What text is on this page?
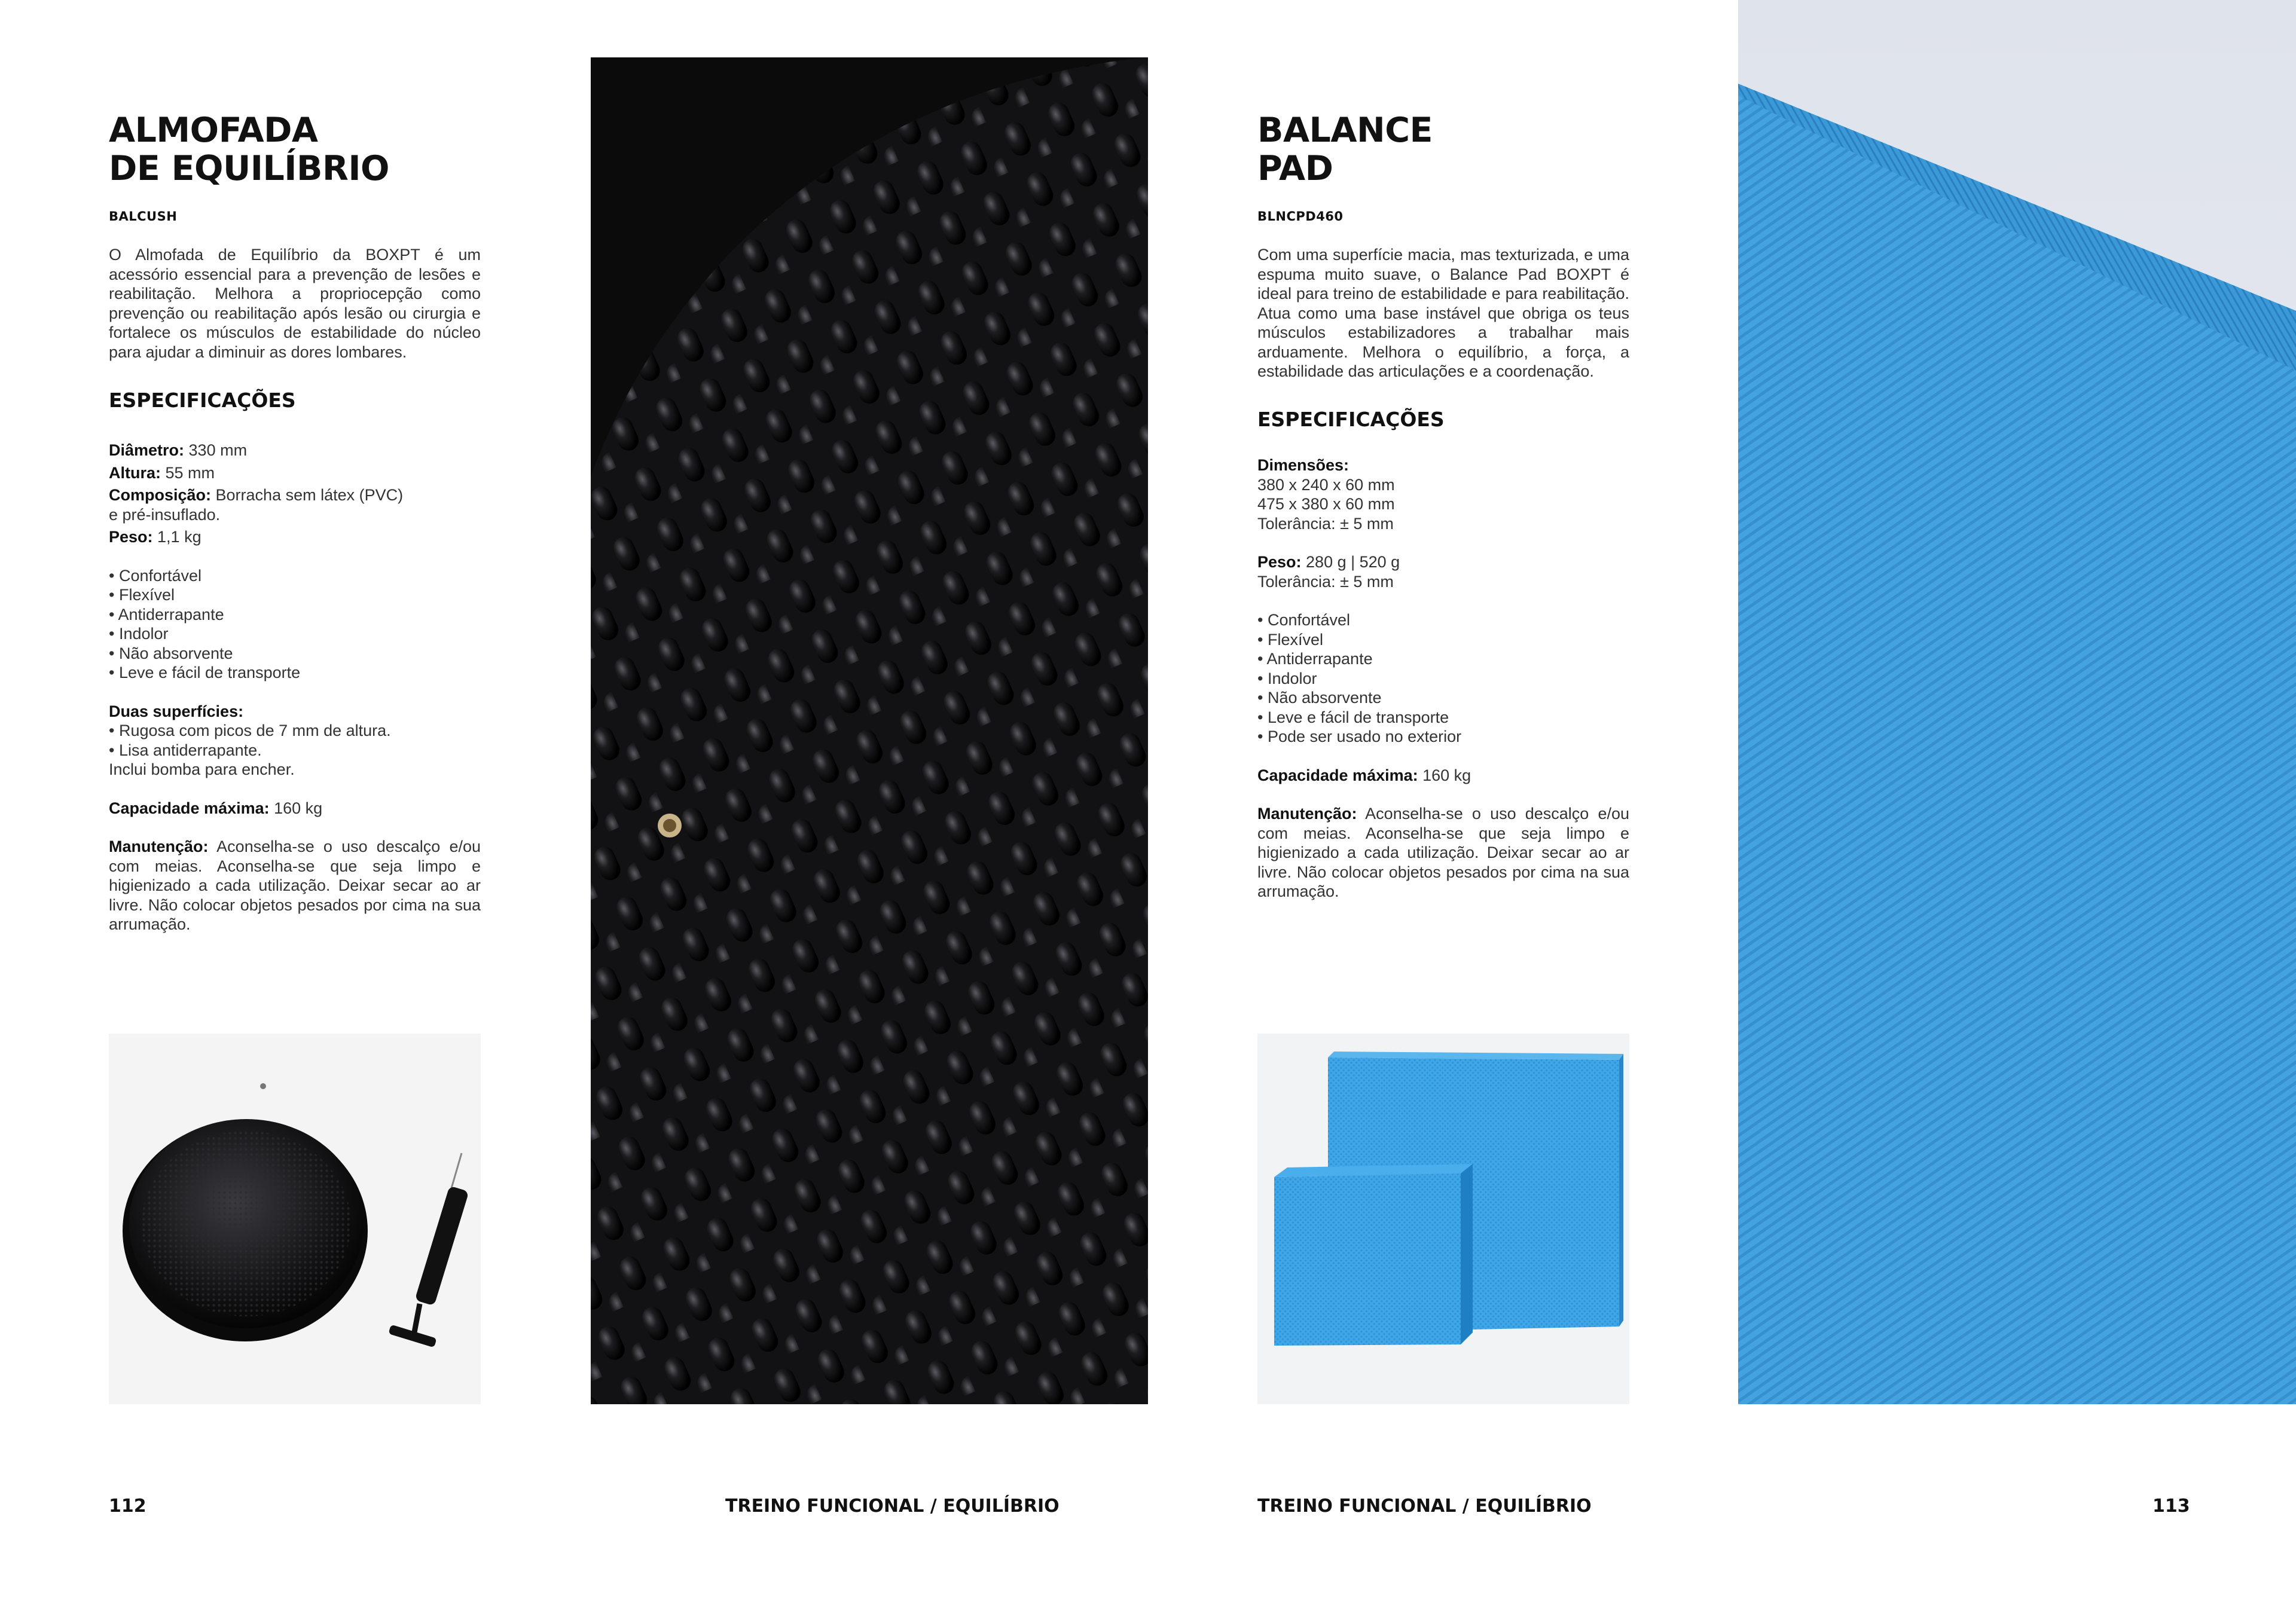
ALMOFADA
DE EQUILÍBRIO
BALCUSH
O Almofada de Equilíbrio da BOXPT é um acessório essencial para a prevenção de lesões e reabilitação. Melhora a propriocepção como prevenção ou reabilitação após lesão ou cirurgia e fortalece os músculos de estabilidade do núcleo para ajudar a diminuir as dores lombares.
ESPECIFICAÇÕES
Diâmetro: 330 mm
Altura: 55 mm
Composição: Borracha sem látex (PVC)
e pré-insuflado.
Peso: 1,1 kg
• Confortável
• Flexível
• Antiderrapante
• Indolor
• Não absorvente
• Leve e fácil de transporte
Duas superfícies:
• Rugosa com picos de 7 mm de altura.
• Lisa antiderrapante.
Inclui bomba para encher.
Capacidade máxima: 160 kg
Manutenção: Aconselha-se o uso descalço e/ou com meias. Aconselha-se que seja limpo e higienizado a cada utilização. Deixar secar ao ar livre. Não colocar objetos pesados por cima na sua arrumação.
112	TREINO FUNCIONAL / EQUILÍBRIO
BALANCE
PAD
BLNCPD460
Com uma superfície macia, mas texturizada, e uma espuma muito suave, o Balance Pad BOXPT é ideal para treino de estabilidade e para reabilitação. Atua como uma base instável que obriga os teus músculos estabilizadores a trabalhar mais arduamente. Melhora o equilíbrio, a força, a estabilidade das articulações e a coordenação.
ESPECIFICAÇÕES
Dimensões:
380 x 240 x 60 mm
475 x 380 x 60 mm
Tolerância: ± 5 mm
Peso: 280 g | 520 g
Tolerância: ± 5 mm
• Confortável
• Flexível
• Antiderrapante
• Indolor
• Não absorvente
• Leve e fácil de transporte
• Pode ser usado no exterior
Capacidade máxima: 160 kg
Manutenção: Aconselha-se o uso descalço e/ou com meias. Aconselha-se que seja limpo e higienizado a cada utilização. Deixar secar ao ar livre. Não colocar objetos pesados por cima na sua arrumação.
TREINO FUNCIONAL / EQUILÍBRIO	113
